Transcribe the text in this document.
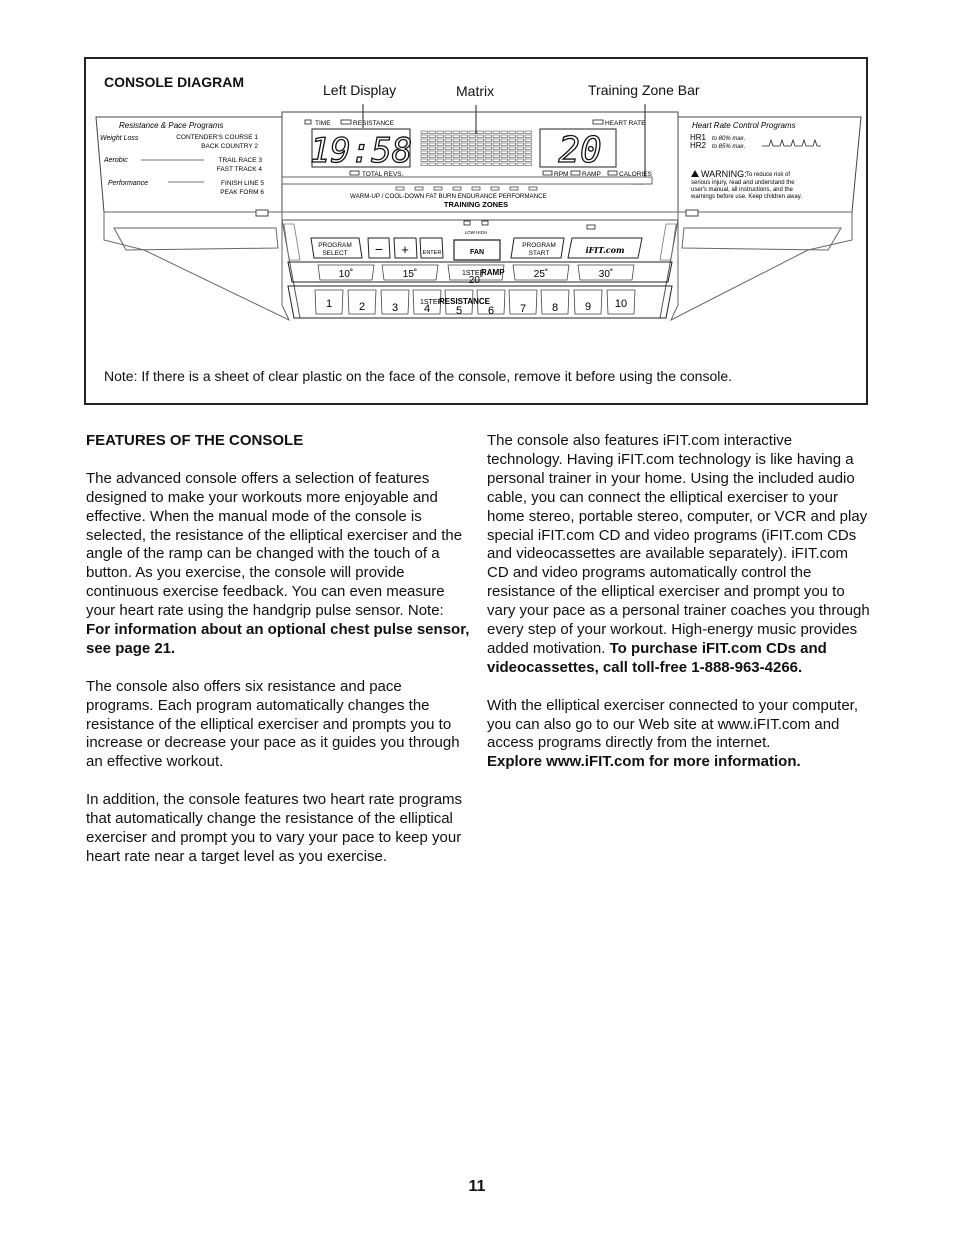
CONSOLE DIAGRAM	Left Display	Matrix	Training Zone Bar
Resistance & Pace Programs
Weight Loss	CONTENDER'S COURSE 1
BACK COUNTRY 2
Aerobic	TRAIL RACE 3
FAST TRACK 4
Performance	FINISH LINE 5
PEAK FORM 6
TIME	RESISTANCE
19:58
HEART RATE
20
TOTAL REVS.	RPM RAMP	CALORIES
WARM-UP / COOL-DOWN FAT BURN ENDURANCE PERFORMANCE
TRAINING ZONES
Heart Rate Control Programs
HR1 to 80% max.
HR2 to 85% max.
WARNING: To reduce risk of
serious injury, read and understand the
user's manual, all instructions, and the
warnings before use. Keep children away.
PROGRAM
SELECT − +	ENTER
LOW HIGH
FAN
PROGRAM
START	iFIT.com
10˚	15˚
20˚
25˚	30˚
1STEP
RAMP
1 2 3 4 5 6 7 8 9 10
1STEP
RESISTANCE
Note: If there is a sheet of clear plastic on the face of the console, remove it before using the console.

FEATURES OF THE CONSOLE

The advanced console offers a selection of features designed to make your workouts more enjoyable and effective. When the manual mode of the console is selected, the resistance of the elliptical exerciser and the angle of the ramp can be changed with the touch of a button. As you exercise, the console will provide continuous exercise feedback. You can even measure your heart rate using the handgrip pulse sensor. Note: For information about an optional chest pulse sensor, see page 21.

The console also offers six resistance and pace programs. Each program automatically changes the resistance of the elliptical exerciser and prompts you to increase or decrease your pace as it guides you through an effective workout.

In addition, the console features two heart rate programs that automatically change the resistance of the elliptical exerciser and prompt you to vary your pace to keep your heart rate near a target level as you exercise.

The console also features iFIT.com interactive technology. Having iFIT.com technology is like having a personal trainer in your home. Using the included audio cable, you can connect the elliptical exerciser to your home stereo, portable stereo, computer, or VCR and play special iFIT.com CD and video programs (iFIT.com CDs and videocassettes are available separately). iFIT.com CD and video programs automatically control the resistance of the elliptical exerciser and prompt you to vary your pace as a personal trainer coaches you through every step of your workout. High-energy music provides added motivation. To purchase iFIT.com CDs and videocassettes, call toll-free 1-888-963-4266.

With the elliptical exerciser connected to your computer, you can also go to our Web site at www.iFIT.com and access programs directly from the internet.
Explore www.iFIT.com for more information.

11
